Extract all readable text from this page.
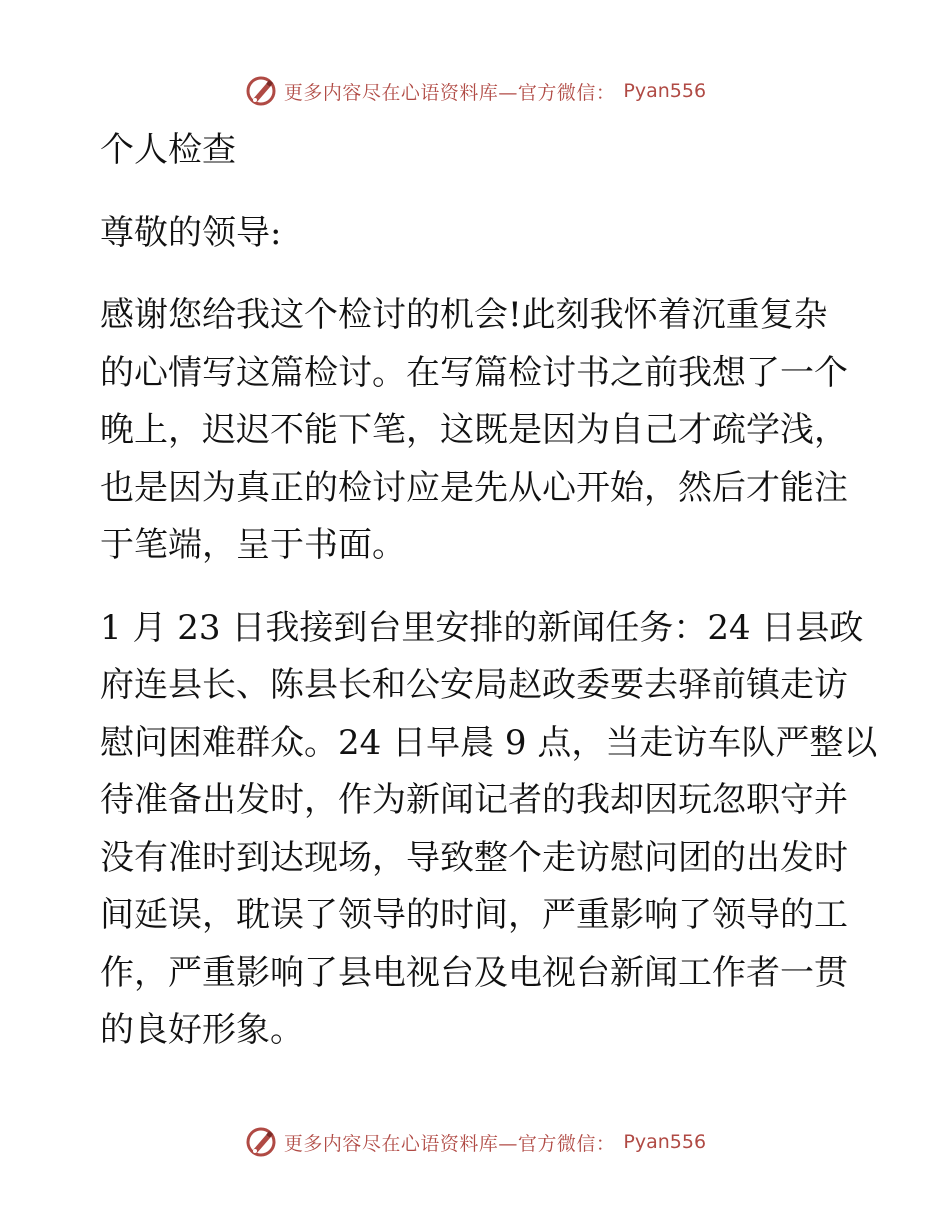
更多内容尽在心语资料库—官方微信： Pyan556

个人检查

尊敬的领导:

感谢您给我这个检讨的机会!此刻我怀着沉重复杂

的心情写这篇检讨。在写篇检讨书之前我想了一个

晚上，迟迟不能下笔，这既是因为自己才疏学浅，

也是因为真正的检讨应是先从心开始，然后才能注

于笔端，呈于书面。

1 月 23 日我接到台里安排的新闻任务：24 日县政

府连县长、陈县长和公安局赵政委要去驿前镇走访

慰问困难群众。24 日早晨 9 点，当走访车队严整以

待准备出发时，作为新闻记者的我却因玩忽职守并

没有准时到达现场，导致整个走访慰问团的出发时

间延误，耽误了领导的时间，严重影响了领导的工

作，严重影响了县电视台及电视台新闻工作者一贯

的良好形象。

更多内容尽在心语资料库—官方微信： Pyan556
